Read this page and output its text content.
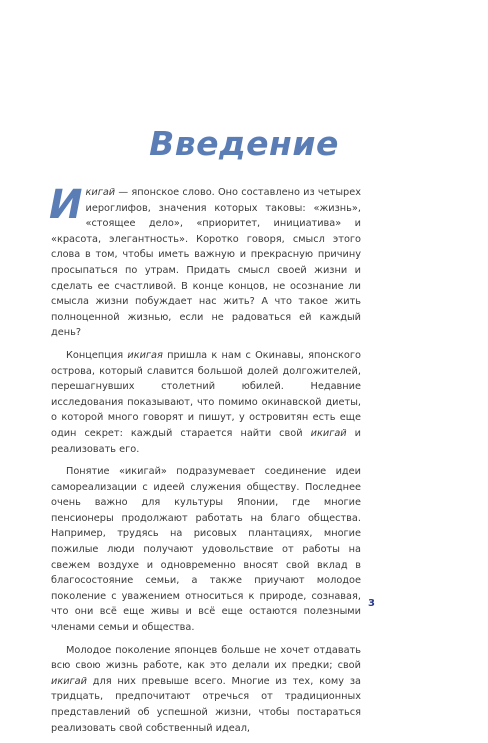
Введение

Икигай — японское слово. Оно составлено из четырех иероглифов, значения которых таковы: «жизнь», «стоящее дело», «приоритет, инициатива» и «красота, элегантность». Коротко говоря, смысл этого слова в том, чтобы иметь важную и прекрасную причину просыпаться по утрам. Придать смысл своей жизни и сделать ее счастливой. В конце концов, не осознание ли смысла жизни побуждает нас жить? А что такое жить полноценной жизнью, если не радоваться ей каждый день?

Концепция икигая пришла к нам с Окинавы, японского острова, который славится большой долей долгожителей, перешагнувших столетний юбилей. Недавние исследования показывают, что помимо окинавской диеты, о которой много говорят и пишут, у островитян есть еще один секрет: каждый старается найти свой икигай и реализовать его.

Понятие «икигай» подразумевает соединение идеи самореализации с идеей служения обществу. Последнее очень важно для культуры Японии, где многие пенсионеры продолжают работать на благо общества. Например, трудясь на рисовых плантациях, многие пожилые люди получают удовольствие от работы на свежем воздухе и одновременно вносят свой вклад в благосостояние семьи, а также приучают молодое поколение с уважением относиться к природе, сознавая, что они всё еще живы и всё еще остаются полезными членами семьи и общества.

Молодое поколение японцев больше не хочет отдавать всю свою жизнь работе, как это делали их предки; свой икигай для них превыше всего. Многие из тех, кому за тридцать, предпочитают отречься от традиционных представлений об успешной жизни, чтобы постараться реализовать свой собственный идеал,

3
